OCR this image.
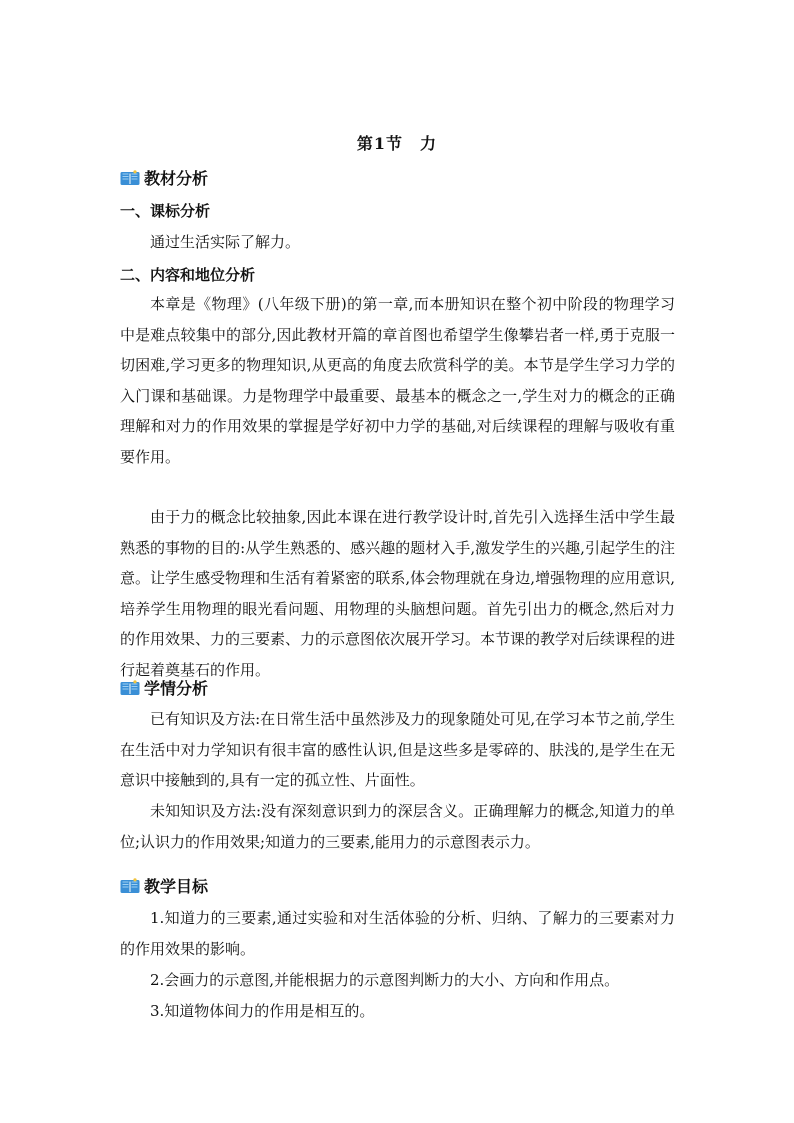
第1节　力
教材分析
一、课标分析

通过生活实际了解力。

二、内容和地位分析

本章是《物理》(八年级下册)的第一章,而本册知识在整个初中阶段的物理学习中是难点较集中的部分,因此教材开篇的章首图也希望学生像攀岩者一样,勇于克服一切困难,学习更多的物理知识,从更高的角度去欣赏科学的美。本节是学生学习力学的入门课和基础课。力是物理学中最重要、最基本的概念之一,学生对力的概念的正确理解和对力的作用效果的掌握是学好初中力学的基础,对后续课程的理解与吸收有重要作用。

由于力的概念比较抽象,因此本课在进行教学设计时,首先引入选择生活中学生最熟悉的事物的目的:从学生熟悉的、感兴趣的题材入手,激发学生的兴趣,引起学生的注意。让学生感受物理和生活有着紧密的联系,体会物理就在身边,增强物理的应用意识,培养学生用物理的眼光看问题、用物理的头脑想问题。首先引出力的概念,然后对力的作用效果、力的三要素、力的示意图依次展开学习。本节课的教学对后续课程的进行起着奠基石的作用。

学情分析

已有知识及方法:在日常生活中虽然涉及力的现象随处可见,在学习本节之前,学生在生活中对力学知识有很丰富的感性认识,但是这些多是零碎的、肤浅的,是学生在无意识中接触到的,具有一定的孤立性、片面性。

未知知识及方法:没有深刻意识到力的深层含义。正确理解力的概念,知道力的单位;认识力的作用效果;知道力的三要素,能用力的示意图表示力。

教学目标

1.知道力的三要素,通过实验和对生活体验的分析、归纳、了解力的三要素对力的作用效果的影响。

2.会画力的示意图,并能根据力的示意图判断力的大小、方向和作用点。

3.知道物体间力的作用是相互的。
